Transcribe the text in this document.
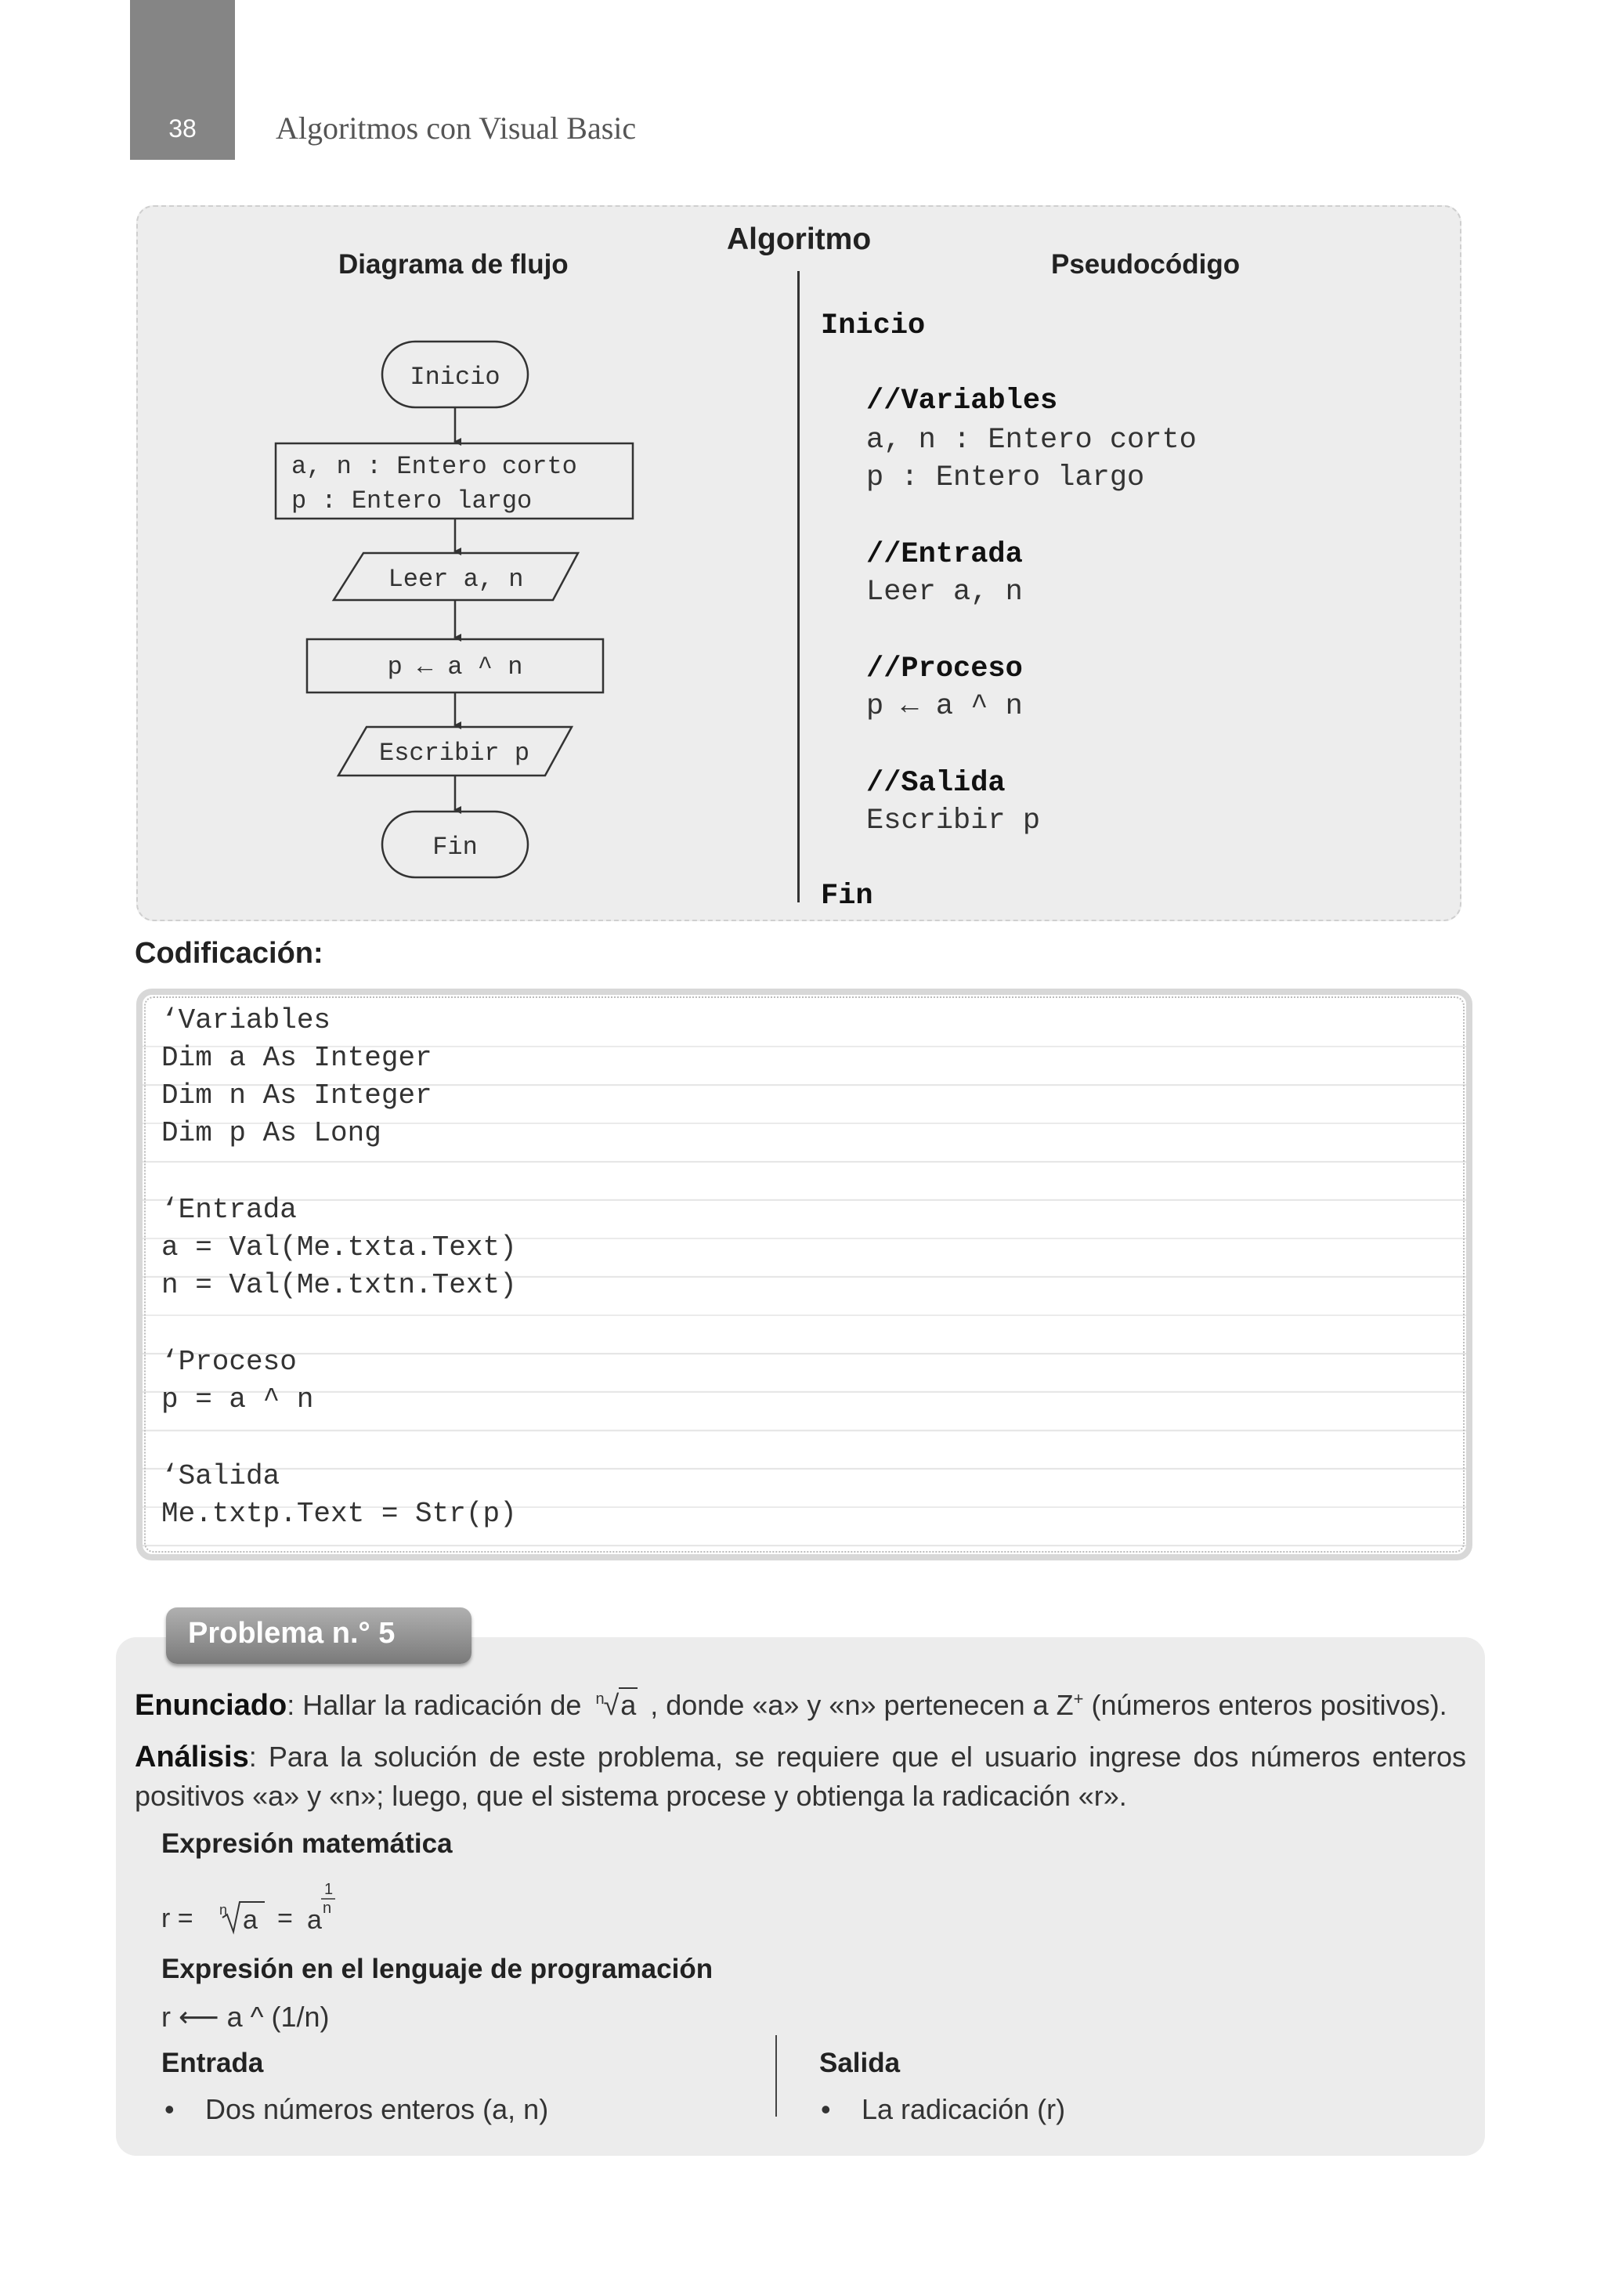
38	Algoritmos con Visual Basic
Algoritmo
Diagrama de flujo	Pseudocódigo
Inicio
a, n : Entero corto
p : Entero largo
Leer a, n
p ← a ^ n
Escribir p
Fin
Inicio
//Variables
a, n : Entero corto
p : Entero largo
//Entrada
Leer a, n
//Proceso
p ← a ^ n
//Salida
Escribir p
Fin
Codificación:
‘Variables
Dim a As Integer
Dim n As Integer
Dim p As Long
‘Entrada
a = Val(Me.txta.Text)
n = Val(Me.txtn.Text)
‘Proceso
p = a ^ n
‘Salida
Me.txtp.Text = Str(p)
Problema n.° 5
Enunciado: Hallar la radicación de n
√a , donde «a» y «n» pertenecen a Z+ (números enteros positivos).
Análisis: Para la solución de este problema, se requiere que el usuario ingrese dos números enteros
positivos «a» y «n»; luego, que el sistema procese y obtienga la radicación «r».
Expresión matemática
r = n a = a
1
n
Expresión en el lenguaje de programación
r ⟵ a ^ (1/n)
Entrada	Salida
• Dos números enteros (a, n)	• La radicación (r)
